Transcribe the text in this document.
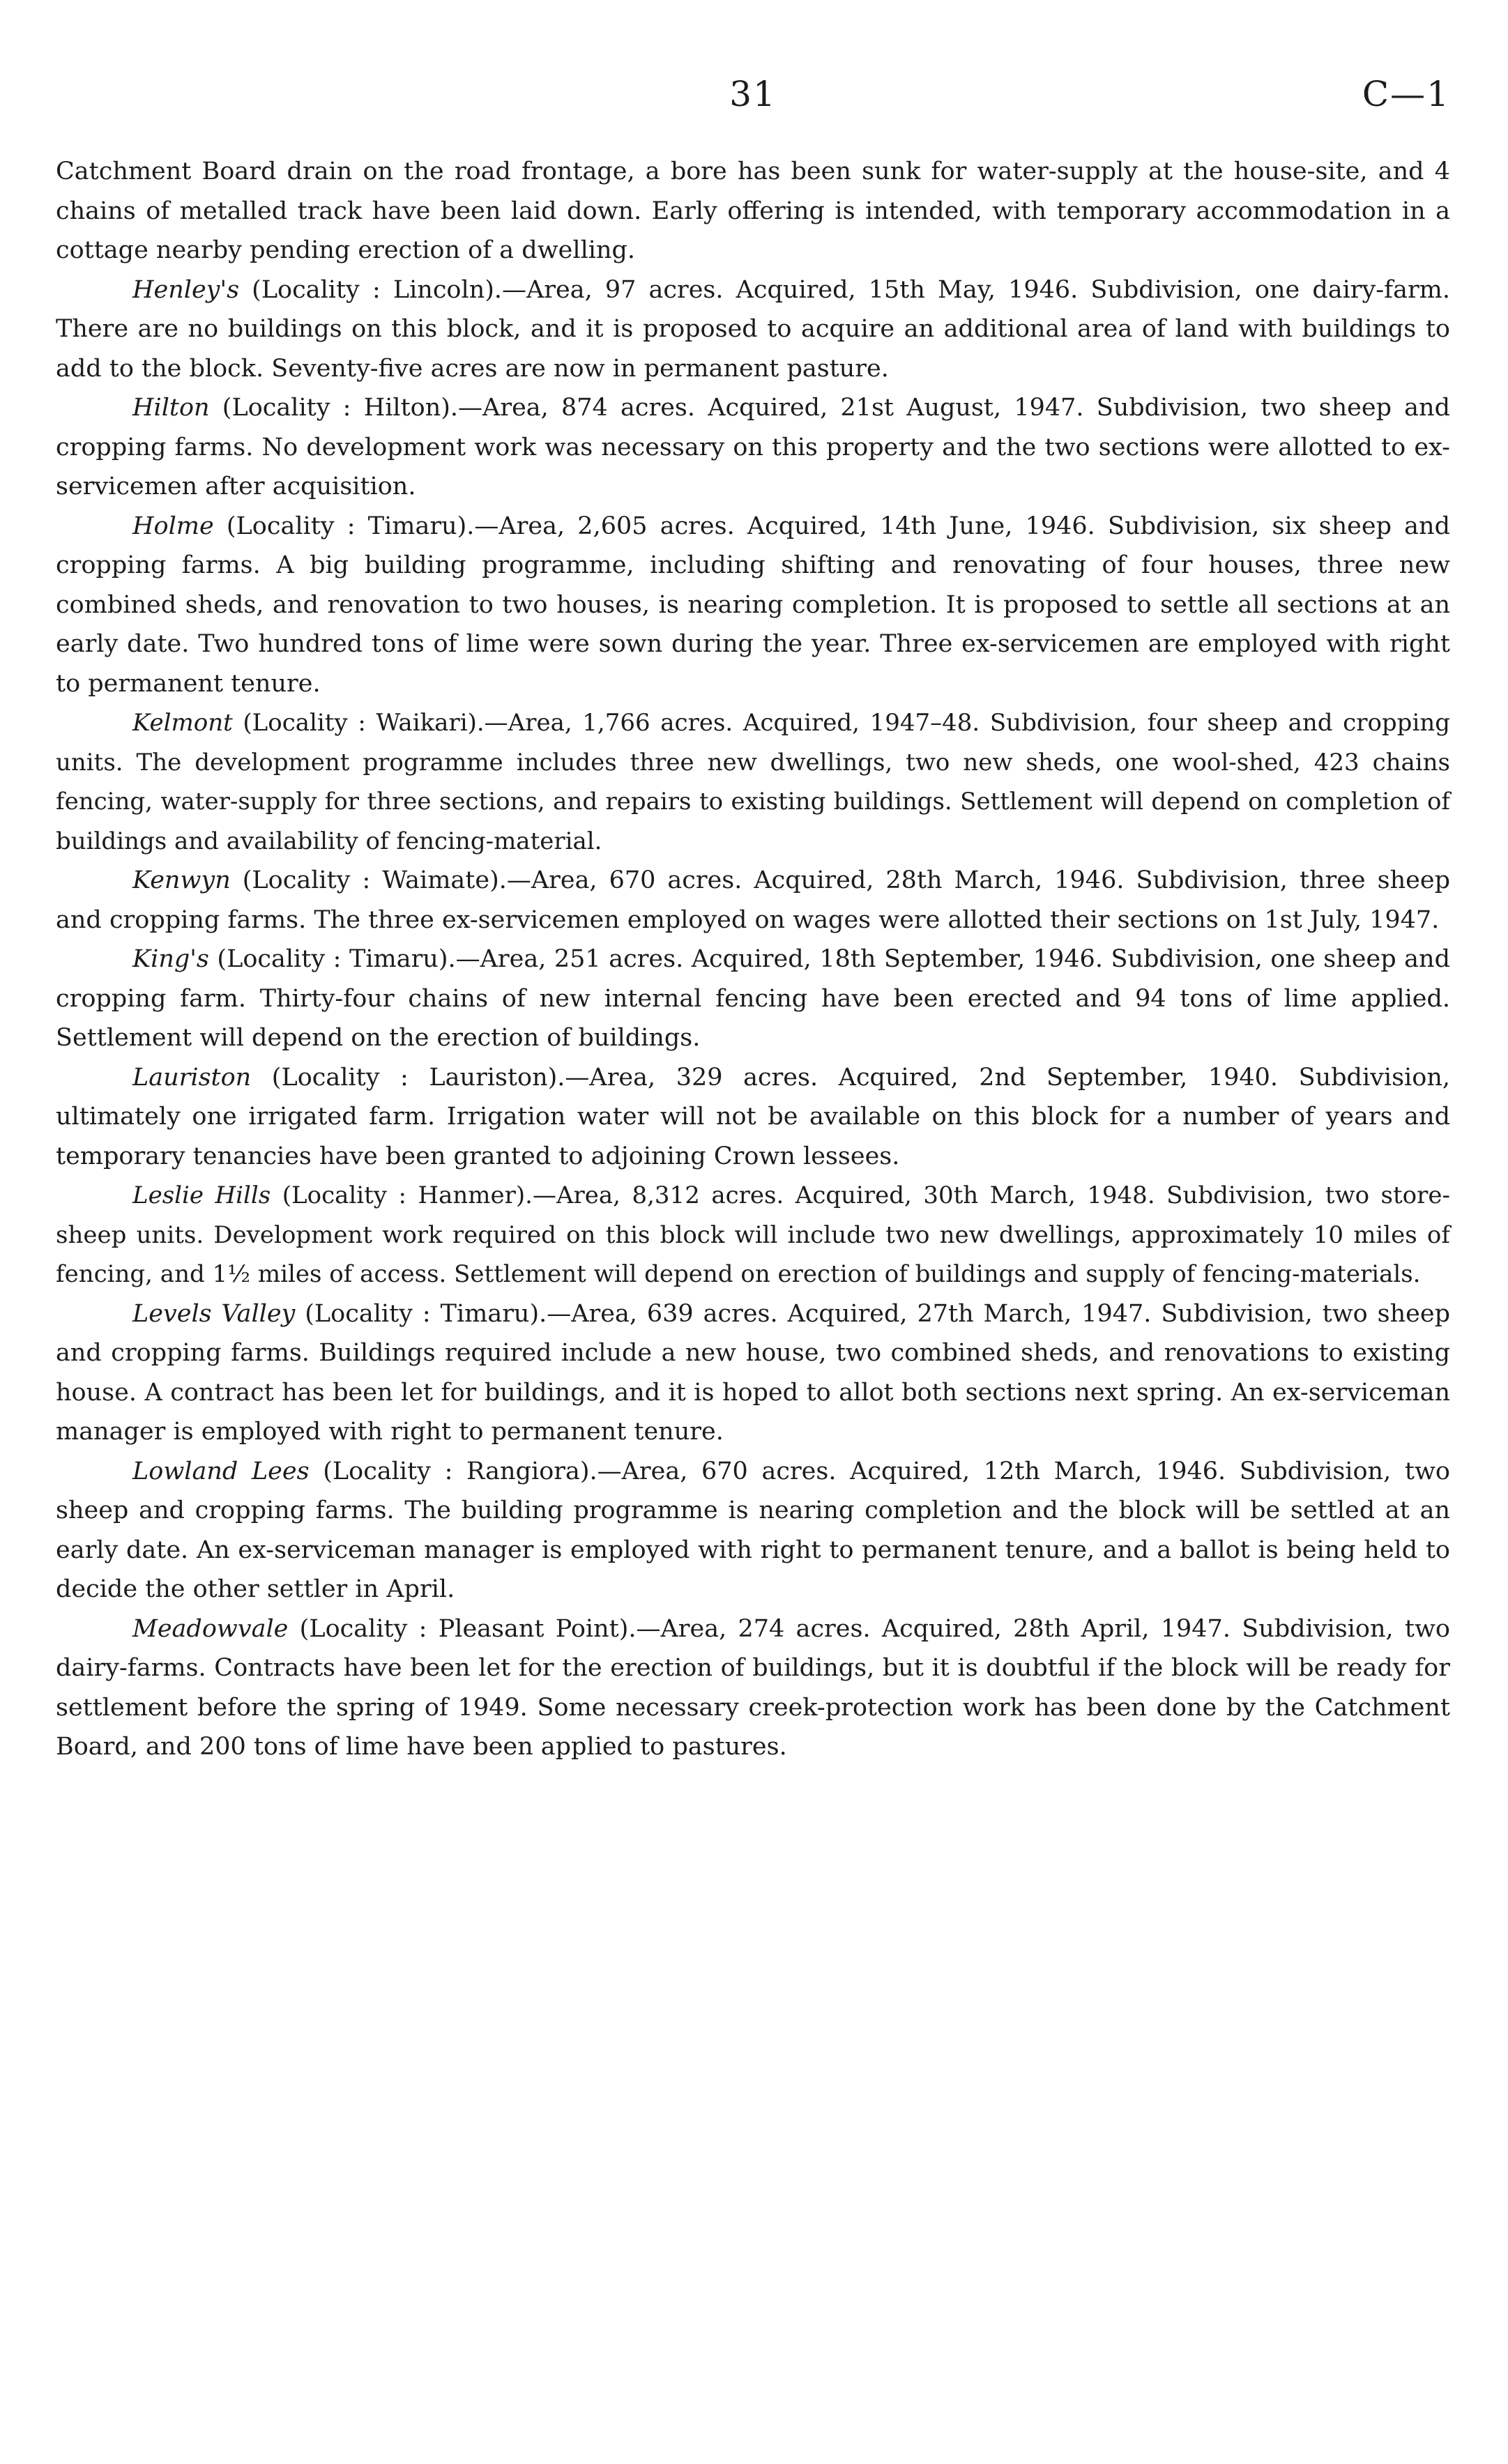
31	C—1

Catchment Board drain on the road frontage, a bore has been sunk for water-supply at the house-site, and 4 chains of metalled track have been laid down. Early offering is intended, with temporary accommodation in a cottage nearby pending erection of a dwelling.

Henley's (Locality : Lincoln).—Area, 97 acres. Acquired, 15th May, 1946. Subdivision, one dairy-farm. There are no buildings on this block, and it is proposed to acquire an additional area of land with buildings to add to the block. Seventy-five acres are now in permanent pasture.

Hilton (Locality : Hilton).—Area, 874 acres. Acquired, 21st August, 1947. Subdivision, two sheep and cropping farms. No development work was necessary on this property and the two sections were allotted to ex-servicemen after acquisition.

Holme (Locality : Timaru).—Area, 2,605 acres. Acquired, 14th June, 1946. Subdivision, six sheep and cropping farms. A big building programme, including shifting and renovating of four houses, three new combined sheds, and renovation to two houses, is nearing completion. It is proposed to settle all sections at an early date. Two hundred tons of lime were sown during the year. Three ex-servicemen are employed with right to permanent tenure.

Kelmont (Locality : Waikari).—Area, 1,766 acres. Acquired, 1947–48. Subdivision, four sheep and cropping units. The development programme includes three new dwellings, two new sheds, one wool-shed, 423 chains fencing, water-supply for three sections, and repairs to existing buildings. Settlement will depend on completion of buildings and availability of fencing-material.

Kenwyn (Locality : Waimate).—Area, 670 acres. Acquired, 28th March, 1946. Subdivision, three sheep and cropping farms. The three ex-servicemen employed on wages were allotted their sections on 1st July, 1947.

King's (Locality : Timaru).—Area, 251 acres. Acquired, 18th September, 1946. Subdivision, one sheep and cropping farm. Thirty-four chains of new internal fencing have been erected and 94 tons of lime applied. Settlement will depend on the erection of buildings.

Lauriston (Locality : Lauriston).—Area, 329 acres. Acquired, 2nd September, 1940. Subdivision, ultimately one irrigated farm. Irrigation water will not be available on this block for a number of years and temporary tenancies have been granted to adjoining Crown lessees.

Leslie Hills (Locality : Hanmer).—Area, 8,312 acres. Acquired, 30th March, 1948. Subdivision, two store-sheep units. Development work required on this block will include two new dwellings, approximately 10 miles of fencing, and 1½ miles of access. Settlement will depend on erection of buildings and supply of fencing-materials.

Levels Valley (Locality : Timaru).—Area, 639 acres. Acquired, 27th March, 1947. Subdivision, two sheep and cropping farms. Buildings required include a new house, two combined sheds, and renovations to existing house. A contract has been let for buildings, and it is hoped to allot both sections next spring. An ex-serviceman manager is employed with right to permanent tenure.

Lowland Lees (Locality : Rangiora).—Area, 670 acres. Acquired, 12th March, 1946. Subdivision, two sheep and cropping farms. The building programme is nearing completion and the block will be settled at an early date. An ex-serviceman manager is employed with right to permanent tenure, and a ballot is being held to decide the other settler in April.

Meadowvale (Locality : Pleasant Point).—Area, 274 acres. Acquired, 28th April, 1947. Subdivision, two dairy-farms. Contracts have been let for the erection of buildings, but it is doubtful if the block will be ready for settlement before the spring of 1949. Some necessary creek-protection work has been done by the Catchment Board, and 200 tons of lime have been applied to pastures.
